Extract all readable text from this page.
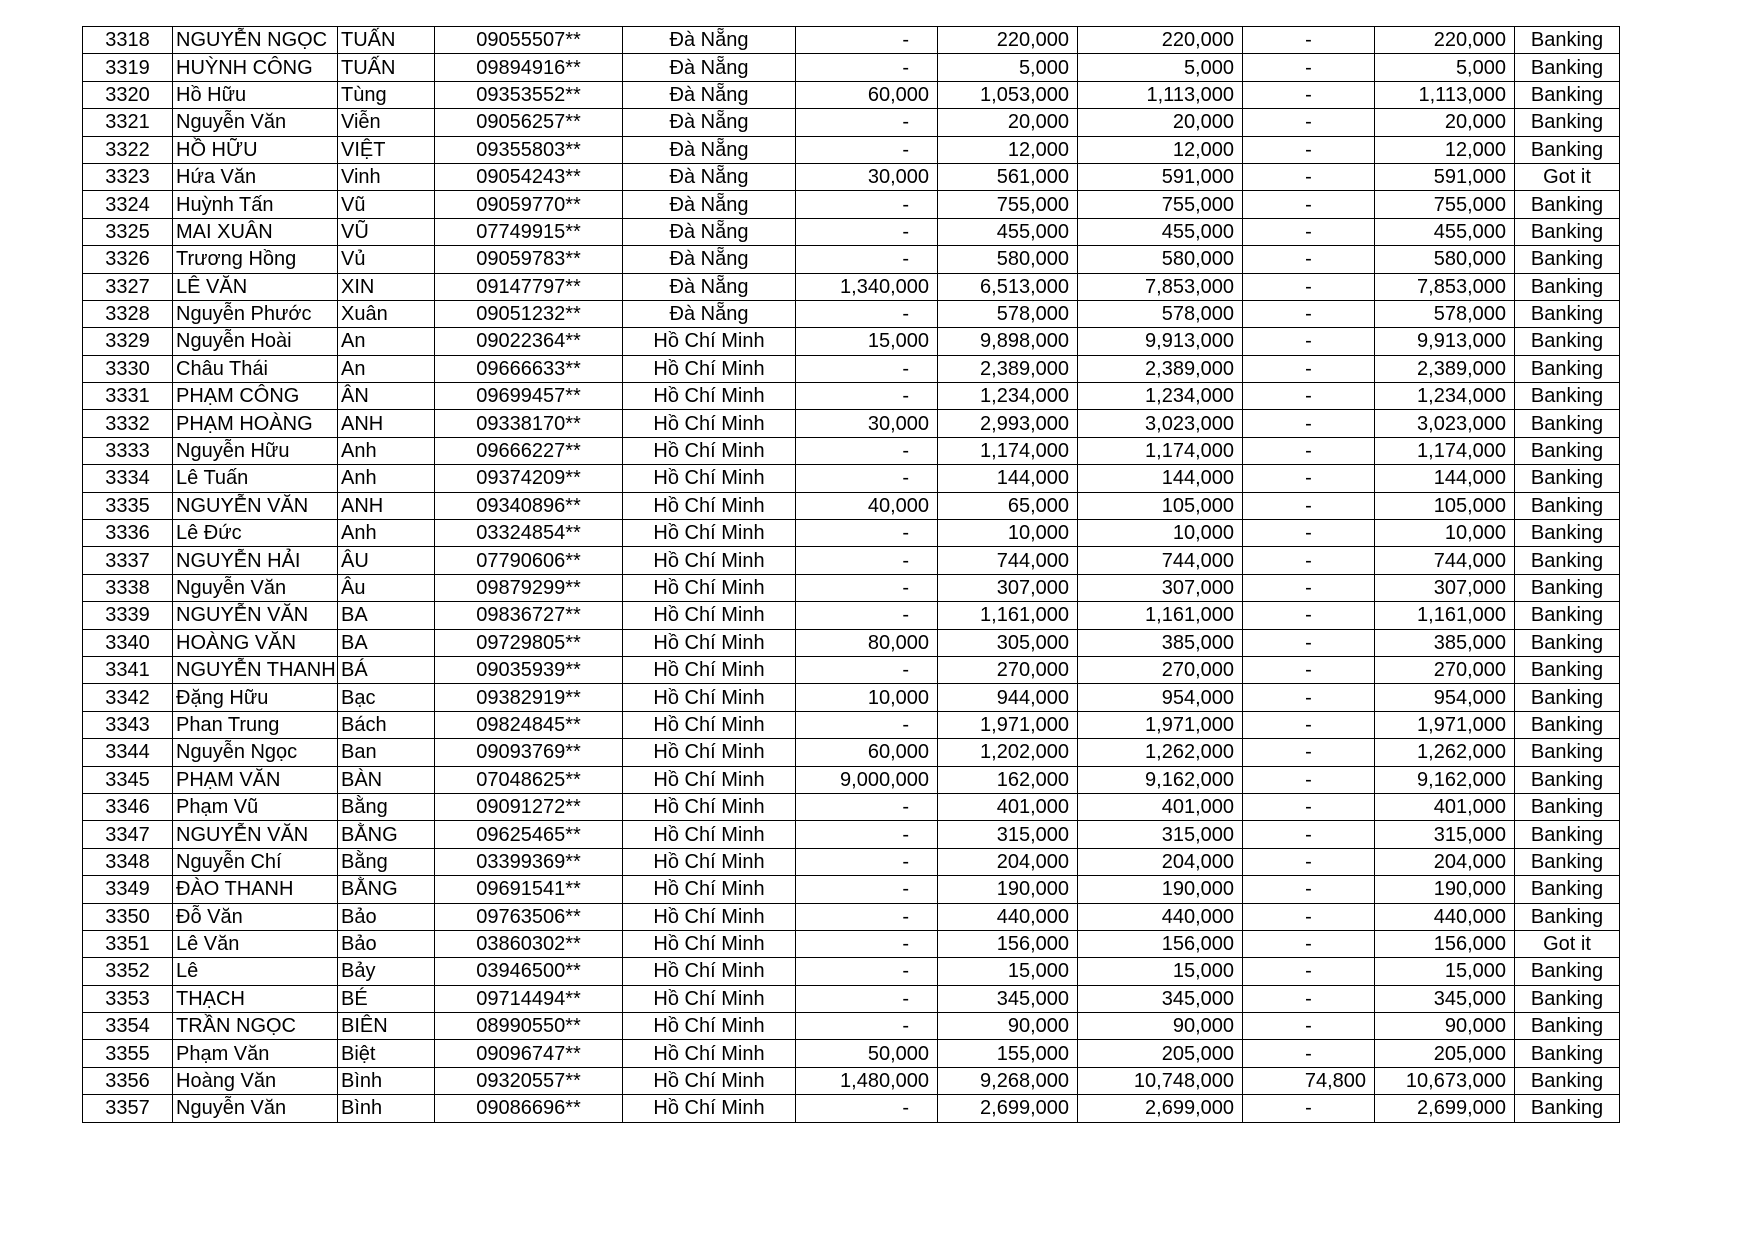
3318	NGUYỄN NGỌC	TUẤN	09055507**	Đà Nẵng	-	220,000	220,000	-	220,000	Banking
3319	HUỲNH CÔNG	TUẤN	09894916**	Đà Nẵng	-	5,000	5,000	-	5,000	Banking
3320	Hồ Hữu	Tùng	09353552**	Đà Nẵng	60,000	1,053,000	1,113,000	-	1,113,000	Banking
3321	Nguyễn Văn	Viễn	09056257**	Đà Nẵng	-	20,000	20,000	-	20,000	Banking
3322	HỒ HỮU	VIỆT	09355803**	Đà Nẵng	-	12,000	12,000	-	12,000	Banking
3323	Hứa Văn	Vinh	09054243**	Đà Nẵng	30,000	561,000	591,000	-	591,000	Got it
3324	Huỳnh Tấn	Vũ	09059770**	Đà Nẵng	-	755,000	755,000	-	755,000	Banking
3325	MAI XUÂN	VŨ	07749915**	Đà Nẵng	-	455,000	455,000	-	455,000	Banking
3326	Trương Hồng	Vủ	09059783**	Đà Nẵng	-	580,000	580,000	-	580,000	Banking
3327	LÊ VĂN	XIN	09147797**	Đà Nẵng	1,340,000	6,513,000	7,853,000	-	7,853,000	Banking
3328	Nguyễn Phước	Xuân	09051232**	Đà Nẵng	-	578,000	578,000	-	578,000	Banking
3329	Nguyễn Hoài	An	09022364**	Hồ Chí Minh	15,000	9,898,000	9,913,000	-	9,913,000	Banking
3330	Châu Thái	An	09666633**	Hồ Chí Minh	-	2,389,000	2,389,000	-	2,389,000	Banking
3331	PHẠM CÔNG	ÂN	09699457**	Hồ Chí Minh	-	1,234,000	1,234,000	-	1,234,000	Banking
3332	PHẠM HOÀNG	ANH	09338170**	Hồ Chí Minh	30,000	2,993,000	3,023,000	-	3,023,000	Banking
3333	Nguyễn Hữu	Anh	09666227**	Hồ Chí Minh	-	1,174,000	1,174,000	-	1,174,000	Banking
3334	Lê Tuấn	Anh	09374209**	Hồ Chí Minh	-	144,000	144,000	-	144,000	Banking
3335	NGUYỄN VĂN	ANH	09340896**	Hồ Chí Minh	40,000	65,000	105,000	-	105,000	Banking
3336	Lê Đức	Anh	03324854**	Hồ Chí Minh	-	10,000	10,000	-	10,000	Banking
3337	NGUYỄN HẢI	ÂU	07790606**	Hồ Chí Minh	-	744,000	744,000	-	744,000	Banking
3338	Nguyễn Văn	Âu	09879299**	Hồ Chí Minh	-	307,000	307,000	-	307,000	Banking
3339	NGUYỄN VĂN	BA	09836727**	Hồ Chí Minh	-	1,161,000	1,161,000	-	1,161,000	Banking
3340	HOÀNG VĂN	BA	09729805**	Hồ Chí Minh	80,000	305,000	385,000	-	385,000	Banking
3341	NGUYỄN THANH	BÁ	09035939**	Hồ Chí Minh	-	270,000	270,000	-	270,000	Banking
3342	Đặng Hữu	Bạc	09382919**	Hồ Chí Minh	10,000	944,000	954,000	-	954,000	Banking
3343	Phan Trung	Bách	09824845**	Hồ Chí Minh	-	1,971,000	1,971,000	-	1,971,000	Banking
3344	Nguyễn Ngọc	Ban	09093769**	Hồ Chí Minh	60,000	1,202,000	1,262,000	-	1,262,000	Banking
3345	PHẠM VĂN	BÀN	07048625**	Hồ Chí Minh	9,000,000	162,000	9,162,000	-	9,162,000	Banking
3346	Phạm Vũ	Bằng	09091272**	Hồ Chí Minh	-	401,000	401,000	-	401,000	Banking
3347	NGUYỄN VĂN	BẰNG	09625465**	Hồ Chí Minh	-	315,000	315,000	-	315,000	Banking
3348	Nguyễn Chí	Bằng	03399369**	Hồ Chí Minh	-	204,000	204,000	-	204,000	Banking
3349	ĐÀO THANH	BẰNG	09691541**	Hồ Chí Minh	-	190,000	190,000	-	190,000	Banking
3350	Đỗ Văn	Bảo	09763506**	Hồ Chí Minh	-	440,000	440,000	-	440,000	Banking
3351	Lê Văn	Bảo	03860302**	Hồ Chí Minh	-	156,000	156,000	-	156,000	Got it
3352	Lê	Bảy	03946500**	Hồ Chí Minh	-	15,000	15,000	-	15,000	Banking
3353	THẠCH	BÉ	09714494**	Hồ Chí Minh	-	345,000	345,000	-	345,000	Banking
3354	TRẦN NGỌC	BIÊN	08990550**	Hồ Chí Minh	-	90,000	90,000	-	90,000	Banking
3355	Phạm Văn	Biệt	09096747**	Hồ Chí Minh	50,000	155,000	205,000	-	205,000	Banking
3356	Hoàng Văn	Bình	09320557**	Hồ Chí Minh	1,480,000	9,268,000	10,748,000	74,800	10,673,000	Banking
3357	Nguyễn Văn	Bình	09086696**	Hồ Chí Minh	-	2,699,000	2,699,000	-	2,699,000	Banking
